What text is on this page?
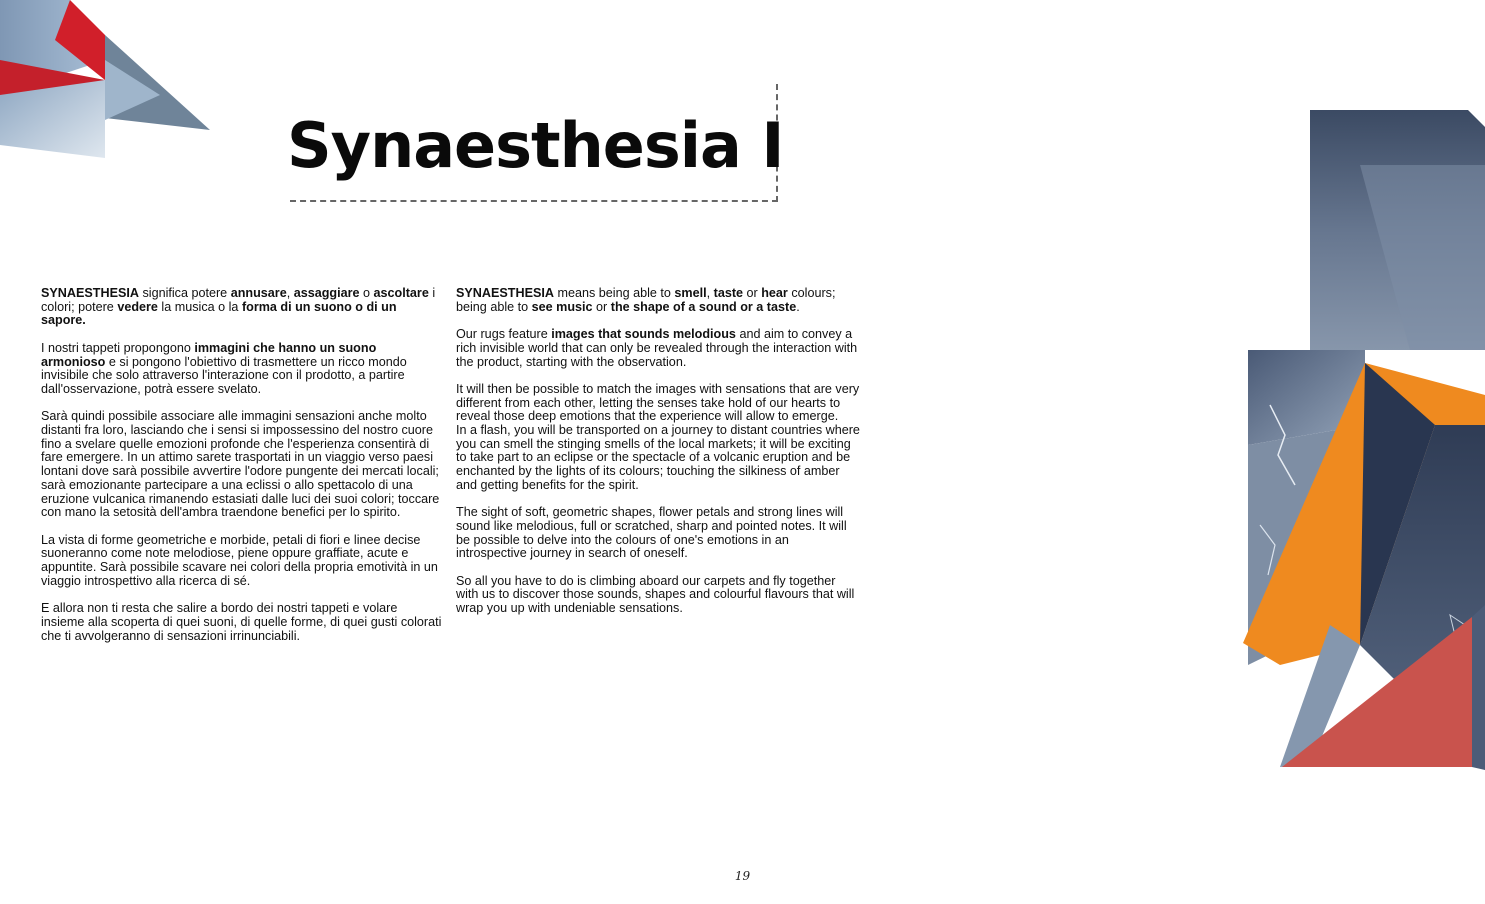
Synaesthesia I

SYNAESTHESIA significa potere annusare, assaggiare o ascoltare i colori; potere vedere la musica o la forma di un suono o di un sapore.

I nostri tappeti propongono immagini che hanno un suono armonioso e si pongono l'obiettivo di trasmettere un ricco mondo invisibile che solo attraverso l'interazione con il prodotto, a partire dall'osservazione, potrà essere svelato.

Sarà quindi possibile associare alle immagini sensazioni anche molto distanti fra loro, lasciando che i sensi si impossessino del nostro cuore fino a svelare quelle emozioni profonde che l'esperienza consentirà di fare emergere. In un attimo sarete trasportati in un viaggio verso paesi lontani dove sarà possibile avvertire l'odore pungente dei mercati locali; sarà emozionante partecipare a una eclissi o allo spettacolo di una eruzione vulcanica rimanendo estasiati dalle luci dei suoi colori; toccare con mano la setosità dell'ambra traendone benefici per lo spirito.

La vista di forme geometriche e morbide, petali di fiori e linee decise suoneranno come note melodiose, piene oppure graffiate, acute e appuntite. Sarà possibile scavare nei colori della propria emotività in un viaggio introspettivo alla ricerca di sé.

E allora non ti resta che salire a bordo dei nostri tappeti e volare insieme alla scoperta di quei suoni, di quelle forme, di quei gusti colorati che ti avvolgeranno di sensazioni irrinunciabili.

SYNAESTHESIA means being able to smell, taste or hear colours; being able to see music or the shape of a sound or a taste.

Our rugs feature images that sounds melodious and aim to convey a rich invisible world that can only be revealed through the interaction with the product, starting with the observation.

It will then be possible to match the images with sensations that are very different from each other, letting the senses take hold of our hearts to reveal those deep emotions that the experience will allow to emerge.
In a flash, you will be transported on a journey to distant countries where you can smell the stinging smells of the local markets; it will be exciting to take part to an eclipse or the spectacle of a volcanic eruption and be enchanted by the lights of its colours; touching the silkiness of amber and getting benefits for the spirit.

The sight of soft, geometric shapes, flower petals and strong lines will sound like melodious, full or scratched, sharp and pointed notes. It will be possible to delve into the colours of one's emotions in an introspective journey in search of oneself.

So all you have to do is climbing aboard our carpets and fly together with us to discover those sounds, shapes and colourful flavours that will wrap you up with undeniable sensations.

19
